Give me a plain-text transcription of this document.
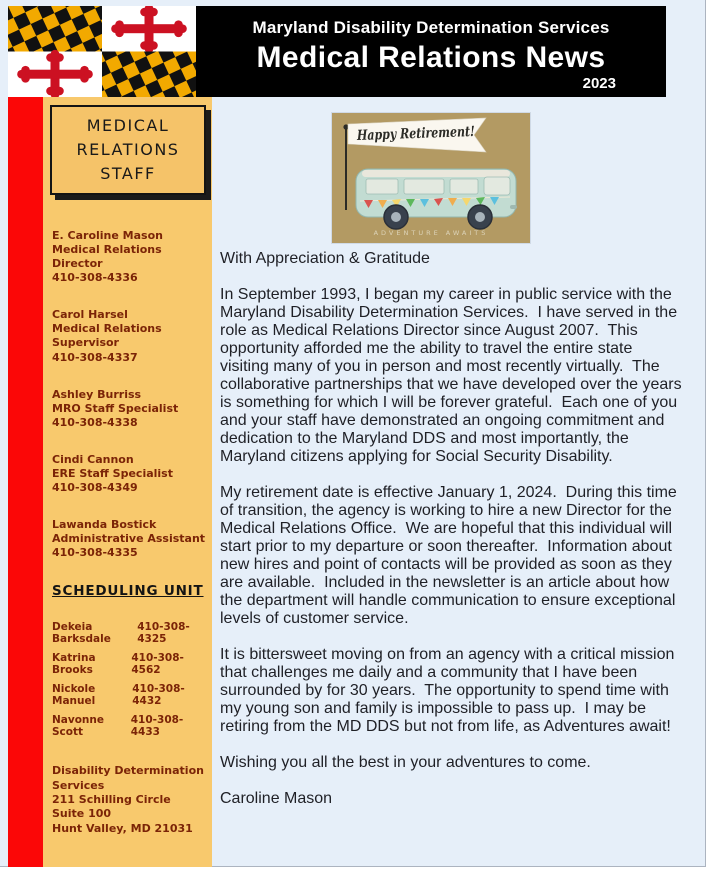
Maryland Disability Determination Services
Medical Relations News
2023
MEDICAL RELATIONS STAFF
E. Caroline Mason
Medical Relations Director
410-308-4336
Carol Harsel
Medical Relations Supervisor
410-308-4337
Ashley Burriss
MRO Staff Specialist
410-308-4338
Cindi Cannon
ERE Staff Specialist
410-308-4349
Lawanda Bostick
Administrative Assistant
410-308-4335
SCHEDULING UNIT
Dekeia Barksdale
410-308-4325
Katrina Brooks
410-308-4562
Nickole Manuel
410-308-4432
Navonne Scott
410-308-4433
Disability Determination
Services
211 Schilling Circle
Suite 100
Hunt Valley, MD 21031
Happy Retirement!
ADVENTURE AWAITS

With Appreciation & Gratitude

In September 1993, I began my career in public service with the Maryland Disability Determination Services.  I have served in the role as Medical Relations Director since August 2007.  This opportunity afforded me the ability to travel the entire state visiting many of you in person and most recently virtually.  The collaborative partnerships that we have developed over the years is something for which I will be forever grateful.  Each one of you and your staff have demonstrated an ongoing commitment and dedication to the Maryland DDS and most importantly, the Maryland citizens applying for Social Security Disability.

My retirement date is effective January 1, 2024.  During this time of transition, the agency is working to hire a new Director for the Medical Relations Office.  We are hopeful that this individual will start prior to my departure or soon thereafter.  Information about new hires and point of contacts will be provided as soon as they are available.  Included in the newsletter is an article about how the department will handle communication to ensure exceptional levels of customer service.

It is bittersweet moving on from an agency with a critical mission that challenges me daily and a community that I have been surrounded by for 30 years.  The opportunity to spend time with my young son and family is impossible to pass up.  I may be retiring from the MD DDS but not from life, as Adventures await!

Wishing you all the best in your adventures to come.

Caroline Mason
